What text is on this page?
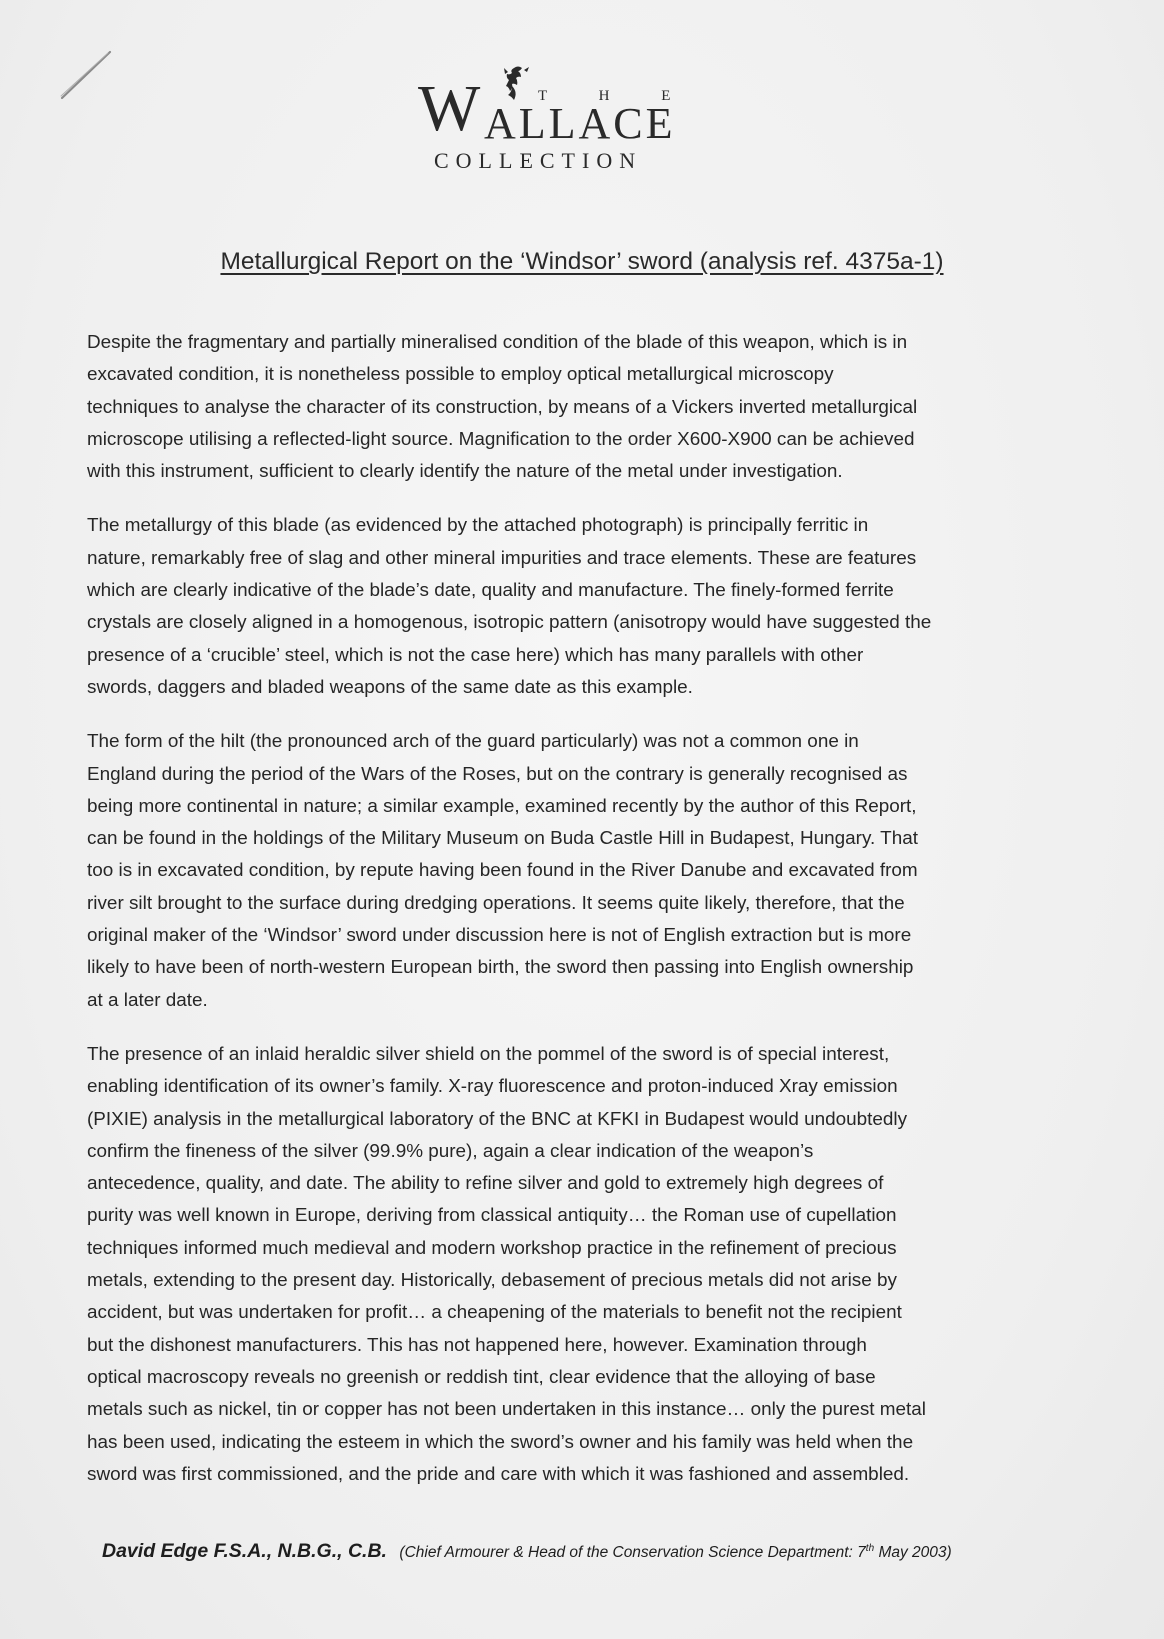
T H E
W ALLACE
COLLECTION
Metallurgical Report on the ‘Windsor’ sword (analysis ref. 4375a-1)

Despite the fragmentary and partially mineralised condition of the blade of this weapon, which is in
excavated condition, it is nonetheless possible to employ optical metallurgical microscopy
techniques to analyse the character of its construction, by means of a Vickers inverted metallurgical
microscope utilising a reflected-light source. Magnification to the order X600-X900 can be achieved
with this instrument, sufficient to clearly identify the nature of the metal under investigation.

The metallurgy of this blade (as evidenced by the attached photograph) is principally ferritic in
nature, remarkably free of slag and other mineral impurities and trace elements. These are features
which are clearly indicative of the blade’s date, quality and manufacture. The finely-formed ferrite
crystals are closely aligned in a homogenous, isotropic pattern (anisotropy would have suggested the
presence of a ‘crucible’ steel, which is not the case here) which has many parallels with other
swords, daggers and bladed weapons of the same date as this example.

The form of the hilt (the pronounced arch of the guard particularly) was not a common one in
England during the period of the Wars of the Roses, but on the contrary is generally recognised as
being more continental in nature; a similar example, examined recently by the author of this Report,
can be found in the holdings of the Military Museum on Buda Castle Hill in Budapest, Hungary. That
too is in excavated condition, by repute having been found in the River Danube and excavated from
river silt brought to the surface during dredging operations. It seems quite likely, therefore, that the
original maker of the ‘Windsor’ sword under discussion here is not of English extraction but is more
likely to have been of north-western European birth, the sword then passing into English ownership
at a later date.

The presence of an inlaid heraldic silver shield on the pommel of the sword is of special interest,
enabling identification of its owner’s family. X-ray fluorescence and proton-induced Xray emission
(PIXIE) analysis in the metallurgical laboratory of the BNC at KFKI in Budapest would undoubtedly
confirm the fineness of the silver (99.9% pure), again a clear indication of the weapon’s
antecedence, quality, and date. The ability to refine silver and gold to extremely high degrees of
purity was well known in Europe, deriving from classical antiquity… the Roman use of cupellation
techniques informed much medieval and modern workshop practice in the refinement of precious
metals, extending to the present day. Historically, debasement of precious metals did not arise by
accident, but was undertaken for profit… a cheapening of the materials to benefit not the recipient
but the dishonest manufacturers. This has not happened here, however. Examination through
optical macroscopy reveals no greenish or reddish tint, clear evidence that the alloying of base
metals such as nickel, tin or copper has not been undertaken in this instance… only the purest metal
has been used, indicating the esteem in which the sword’s owner and his family was held when the
sword was first commissioned, and the pride and care with which it was fashioned and assembled.

David Edge F.S.A., N.B.G., C.B. (Chief Armourer & Head of the Conservation Science Department: 7th May 2003)
